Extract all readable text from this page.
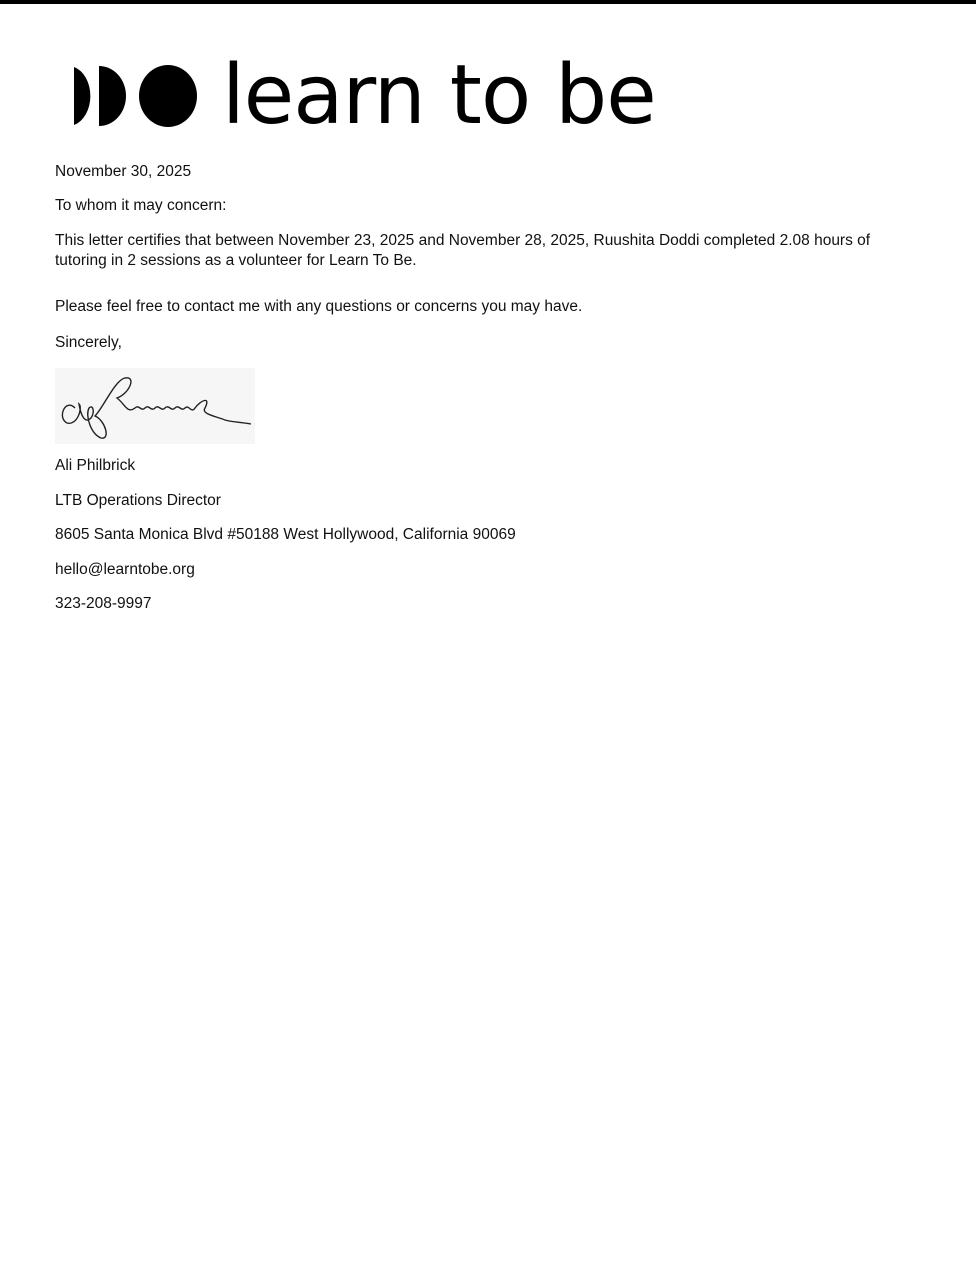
learn to be
November 30, 2025
To whom it may concern:
This letter certifies that between November 23, 2025 and November 28, 2025, Ruushita Doddi completed 2.08 hours of tutoring in 2 sessions as a volunteer for Learn To Be.
Please feel free to contact me with any questions or concerns you may have.
Sincerely,
Ali Philbrick
LTB Operations Director
8605 Santa Monica Blvd #50188 West Hollywood, California 90069
hello@learntobe.org
323-208-9997
